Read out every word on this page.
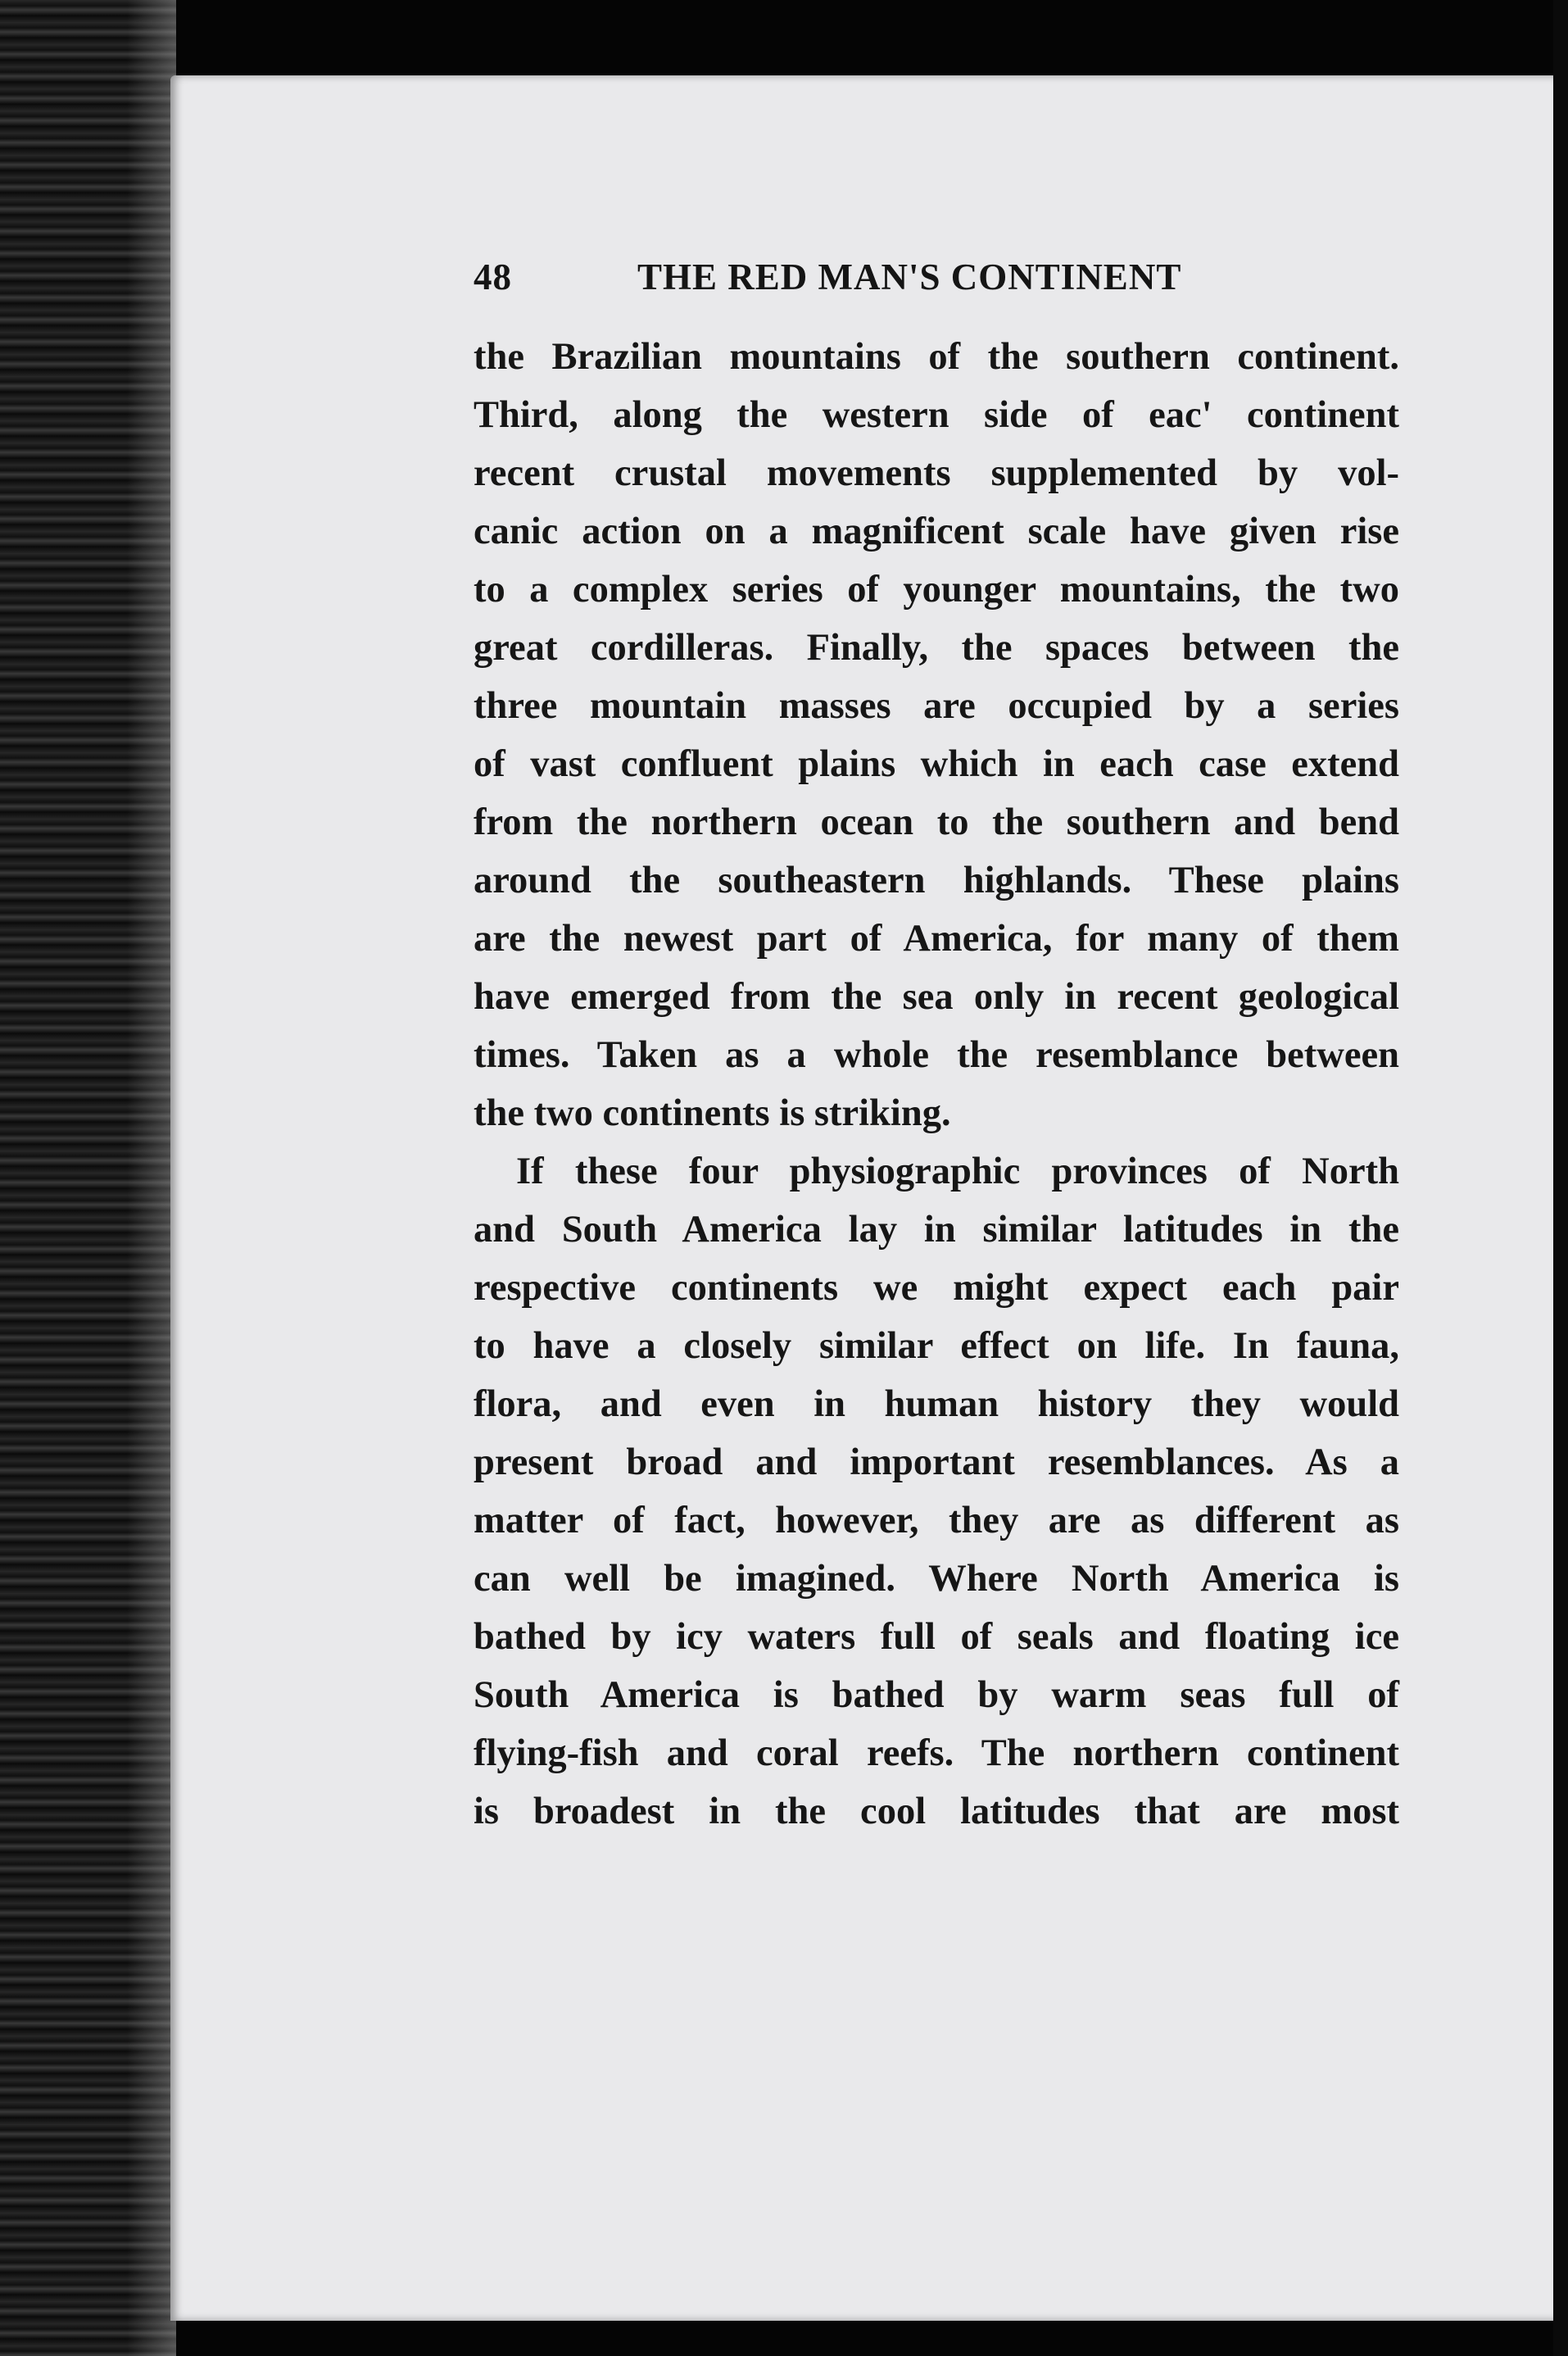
48	THE RED MAN'S CONTINENT
the Brazilian mountains of the southern continent.
Third, along the western side of eac' continent
recent crustal movements supplemented by vol-
canic action on a magnificent scale have given rise
to a complex series of younger mountains, the two
great cordilleras. Finally, the spaces between the
three mountain masses are occupied by a series
of vast confluent plains which in each case extend
from the northern ocean to the southern and bend
around the southeastern highlands. These plains
are the newest part of America, for many of them
have emerged from the sea only in recent geological
times. Taken as a whole the resemblance between
the two continents is striking.
If these four physiographic provinces of North
and South America lay in similar latitudes in the
respective continents we might expect each pair
to have a closely similar effect on life. In fauna,
flora, and even in human history they would
present broad and important resemblances. As a
matter of fact, however, they are as different as
can well be imagined. Where North America is
bathed by icy waters full of seals and floating ice
South America is bathed by warm seas full of
flying-fish and coral reefs. The northern continent
is broadest in the cool latitudes that are most
